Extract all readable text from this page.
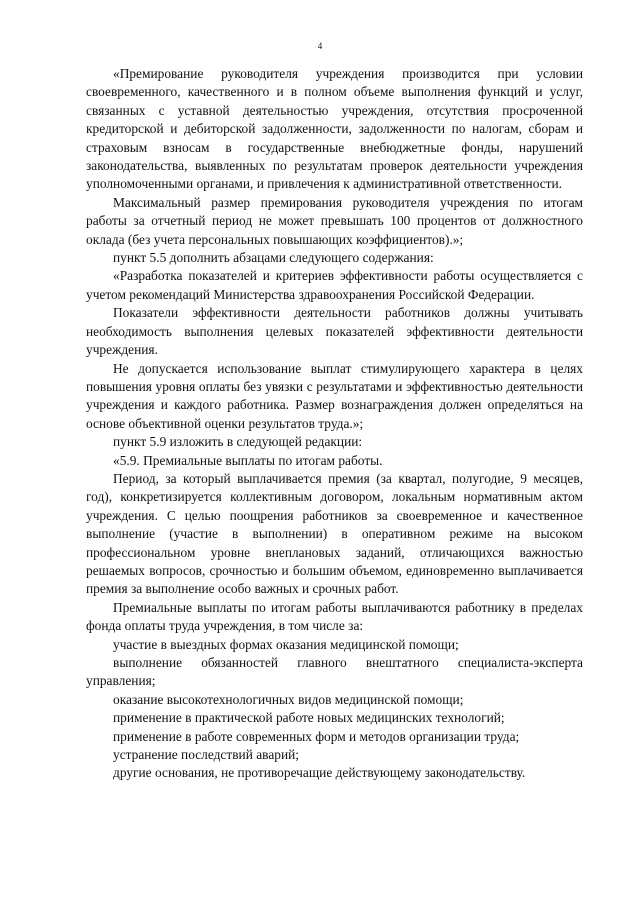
4

«Премирование руководителя учреждения производится при условии своевременного, качественного и в полном объеме выполнения функций и услуг, связанных с уставной деятельностью учреждения, отсутствия просроченной кредиторской и дебиторской задолженности, задолженности по налогам, сборам и страховым взносам в государственные внебюджетные фонды, нарушений законодательства, выявленных по результатам проверок деятельности учреждения уполномоченными органами, и привлечения к административной ответственности.

Максимальный размер премирования руководителя учреждения по итогам работы за отчетный период не может превышать 100 процентов от должностного оклада (без учета персональных повышающих коэффициентов).»;

пункт 5.5 дополнить абзацами следующего содержания:

«Разработка показателей и критериев эффективности работы осуществляется с учетом рекомендаций Министерства здравоохранения Российской Федерации.

Показатели эффективности деятельности работников должны учитывать необходимость выполнения целевых показателей эффективности деятельности учреждения.

Не допускается использование выплат стимулирующего характера в целях повышения уровня оплаты без увязки с результатами и эффективностью деятельности учреждения и каждого работника. Размер вознаграждения должен определяться на основе объективной оценки результатов труда.»;

пункт 5.9 изложить в следующей редакции:

«5.9. Премиальные выплаты по итогам работы.

Период, за который выплачивается премия (за квартал, полугодие, 9 месяцев, год), конкретизируется коллективным договором, локальным нормативным актом учреждения. С целью поощрения работников за своевременное и качественное выполнение (участие в выполнении) в оперативном режиме на высоком профессиональном уровне внеплановых заданий, отличающихся важностью решаемых вопросов, срочностью и большим объемом, единовременно выплачивается премия за выполнение особо важных и срочных работ.

Премиальные выплаты по итогам работы выплачиваются работнику в пределах фонда оплаты труда учреждения, в том числе за:

участие в выездных формах оказания медицинской помощи;

выполнение обязанностей главного внештатного специалиста-эксперта управления;

оказание высокотехнологичных видов медицинской помощи;

применение в практической работе новых медицинских технологий;

применение в работе современных форм и методов организации труда;

устранение последствий аварий;

другие основания, не противоречащие действующему законодательству.
